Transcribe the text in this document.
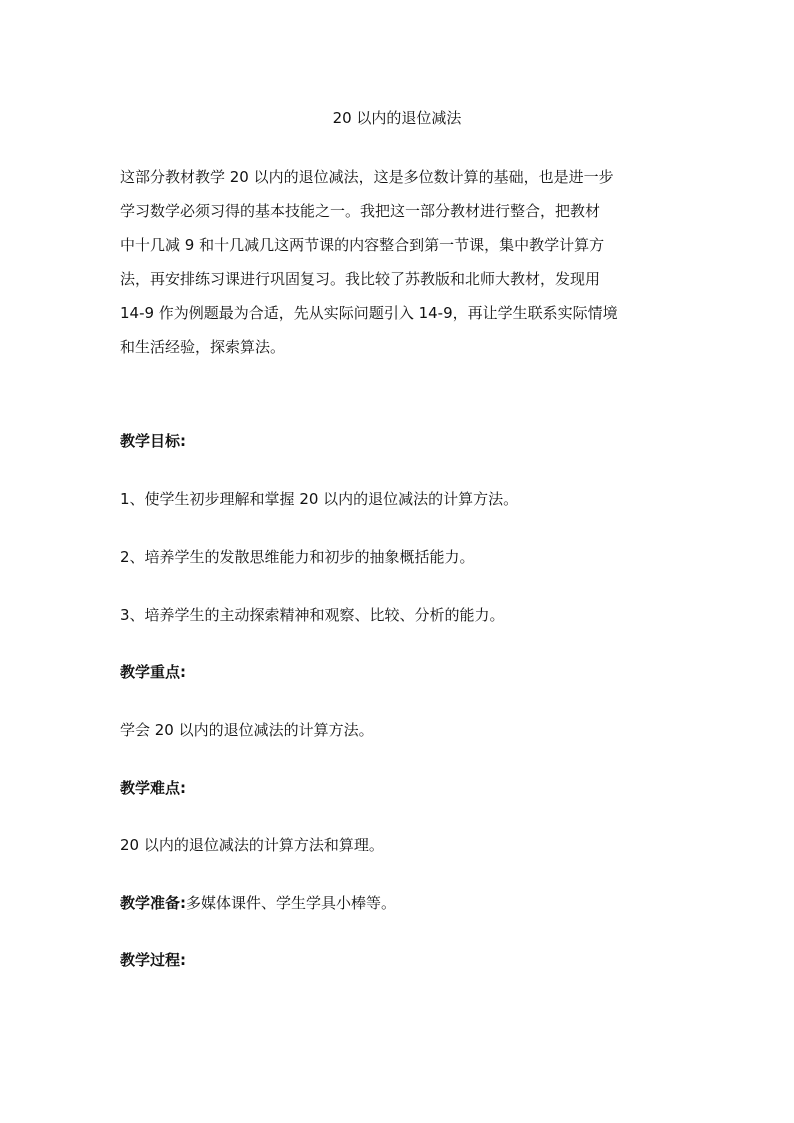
20 以内的退位减法
这部分教材教学 20 以内的退位减法，这是多位数计算的基础，也是进一步
学习数学必须习得的基本技能之一。我把这一部分教材进行整合，把教材
中十几减 9 和十几减几这两节课的内容整合到第一节课，集中教学计算方
法，再安排练习课进行巩固复习。我比较了苏教版和北师大教材，发现用
14-9 作为例题最为合适，先从实际问题引入 14-9，再让学生联系实际情境
和生活经验，探索算法。

教学目标:

1、使学生初步理解和掌握 20 以内的退位减法的计算方法。

2、培养学生的发散思维能力和初步的抽象概括能力。

3、培养学生的主动探索精神和观察、比较、分析的能力。

教学重点:

学会 20 以内的退位减法的计算方法。

教学难点:

20 以内的退位减法的计算方法和算理。

教学准备:多媒体课件、学生学具小棒等。

教学过程:
